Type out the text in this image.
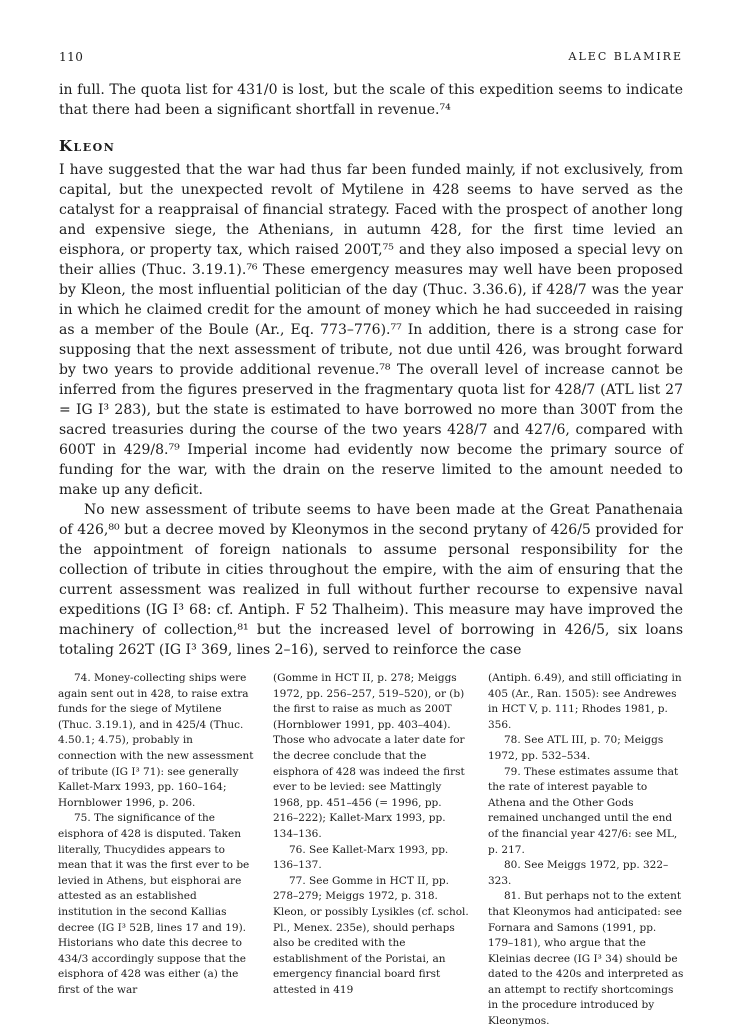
110	ALEC BLAMIRE

in full. The quota list for 431/0 is lost, but the scale of this expedition seems to indicate that there had been a significant shortfall in revenue.⁷⁴

Kleon

I have suggested that the war had thus far been funded mainly, if not exclusively, from capital, but the unexpected revolt of Mytilene in 428 seems to have served as the catalyst for a reappraisal of financial strategy. Faced with the prospect of another long and expensive siege, the Athenians, in autumn 428, for the first time levied an eisphora, or property tax, which raised 200T,⁷⁵ and they also imposed a special levy on their allies (Thuc. 3.19.1).⁷⁶ These emergency measures may well have been proposed by Kleon, the most influential politician of the day (Thuc. 3.36.6), if 428/7 was the year in which he claimed credit for the amount of money which he had succeeded in raising as a member of the Boule (Ar., Eq. 773–776).⁷⁷ In addition, there is a strong case for supposing that the next assessment of tribute, not due until 426, was brought forward by two years to provide additional revenue.⁷⁸ The overall level of increase cannot be inferred from the figures preserved in the fragmentary quota list for 428/7 (ATL list 27 = IG I³ 283), but the state is estimated to have borrowed no more than 300T from the sacred treasuries during the course of the two years 428/7 and 427/6, compared with 600T in 429/8.⁷⁹ Imperial income had evidently now become the primary source of funding for the war, with the drain on the reserve limited to the amount needed to make up any deficit.

No new assessment of tribute seems to have been made at the Great Panathenaia of 426,⁸⁰ but a decree moved by Kleonymos in the second prytany of 426/5 provided for the appointment of foreign nationals to assume personal responsibility for the collection of tribute in cities throughout the empire, with the aim of ensuring that the current assessment was realized in full without further recourse to expensive naval expeditions (IG I³ 68: cf. Antiph. F 52 Thalheim). This measure may have improved the machinery of collection,⁸¹ but the increased level of borrowing in 426/5, six loans totaling 262T (IG I³ 369, lines 2–16), served to reinforce the case

74. Money-collecting ships were again sent out in 428, to raise extra funds for the siege of Mytilene (Thuc. 3.19.1), and in 425/4 (Thuc. 4.50.1; 4.75), probably in connection with the new assessment of tribute (IG I³ 71): see generally Kallet-Marx 1993, pp. 160–164; Hornblower 1996, p. 206.

75. The significance of the eisphora of 428 is disputed. Taken literally, Thucydides appears to mean that it was the first ever to be levied in Athens, but eisphorai are attested as an established institution in the second Kallias decree (IG I³ 52B, lines 17 and 19). Historians who date this decree to 434/3 accordingly suppose that the eisphora of 428 was either (a) the first of the war

(Gomme in HCT II, p. 278; Meiggs 1972, pp. 256–257, 519–520), or (b) the first to raise as much as 200T (Hornblower 1991, pp. 403–404). Those who advocate a later date for the decree conclude that the eisphora of 428 was indeed the first ever to be levied: see Mattingly 1968, pp. 451–456 (= 1996, pp. 216–222); Kallet-Marx 1993, pp. 134–136.

76. See Kallet-Marx 1993, pp. 136–137.

77. See Gomme in HCT II, pp. 278–279; Meiggs 1972, p. 318. Kleon, or possibly Lysikles (cf. schol. Pl., Menex. 235e), should perhaps also be credited with the establishment of the Poristai, an emergency financial board first attested in 419

(Antiph. 6.49), and still officiating in 405 (Ar., Ran. 1505): see Andrewes in HCT V, p. 111; Rhodes 1981, p. 356.

78. See ATL III, p. 70; Meiggs 1972, pp. 532–534.

79. These estimates assume that the rate of interest payable to Athena and the Other Gods remained unchanged until the end of the financial year 427/6: see ML, p. 217.

80. See Meiggs 1972, pp. 322–323.

81. But perhaps not to the extent that Kleonymos had anticipated: see Fornara and Samons (1991, pp. 179–181), who argue that the Kleinias decree (IG I³ 34) should be dated to the 420s and interpreted as an attempt to rectify shortcomings in the procedure introduced by Kleonymos.
